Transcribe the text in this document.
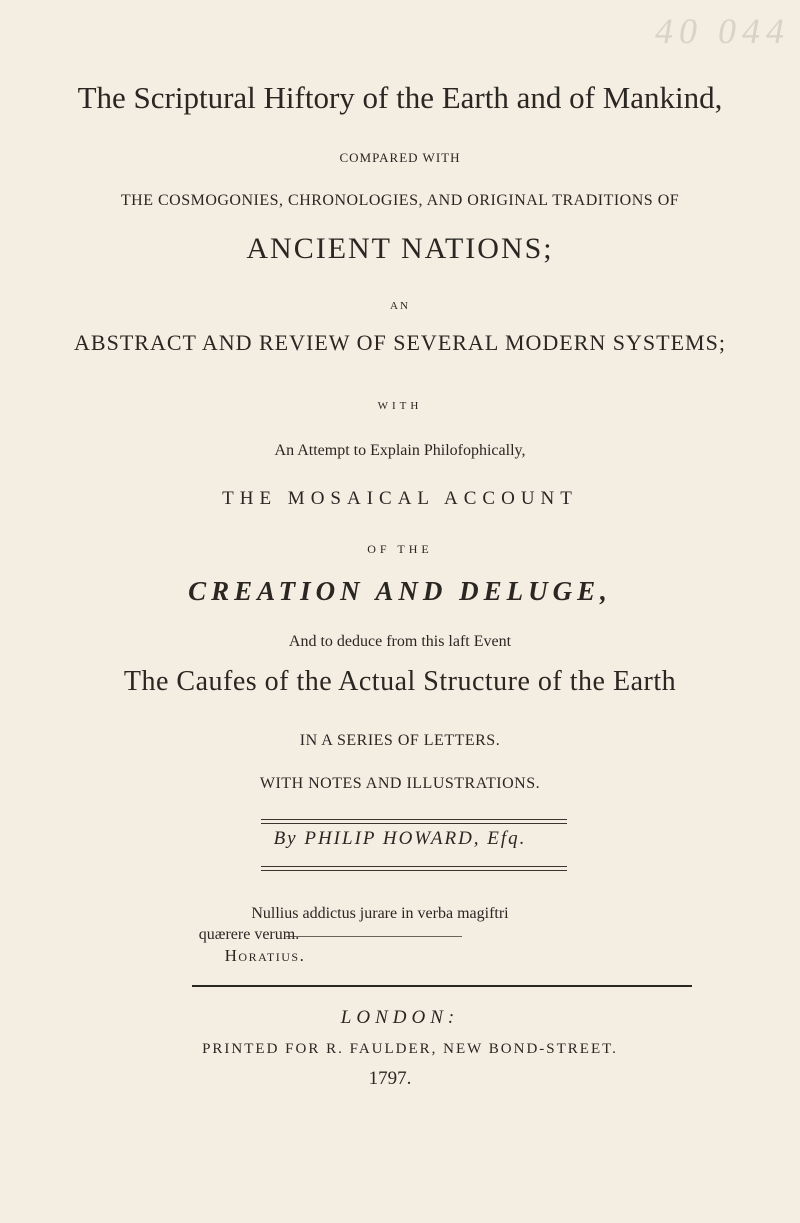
40 044
The Scriptural Hiftory of the Earth and of Mankind,
COMPARED WITH
THE COSMOGONIES, CHRONOLOGIES, AND ORIGINAL TRADITIONS OF
ANCIENT NATIONS;
AN
ABSTRACT AND REVIEW OF SEVERAL MODERN SYSTEMS;
WITH
An Attempt to Explain Philofophically,
THE MOSAICAL ACCOUNT
OF THE
CREATION AND DELUGE,
And to deduce from this laft Event
The Caufes of the Actual Structure of the Earth
IN A SERIES OF LETTERS.
WITH NOTES AND ILLUSTRATIONS.
By PHILIP HOWARD, Efq.
Nullius addictus jurare in verba magiftri
quærere verum.
Horatius.
LONDON:
PRINTED FOR R. FAULDER, NEW BOND-STREET.
1797.
